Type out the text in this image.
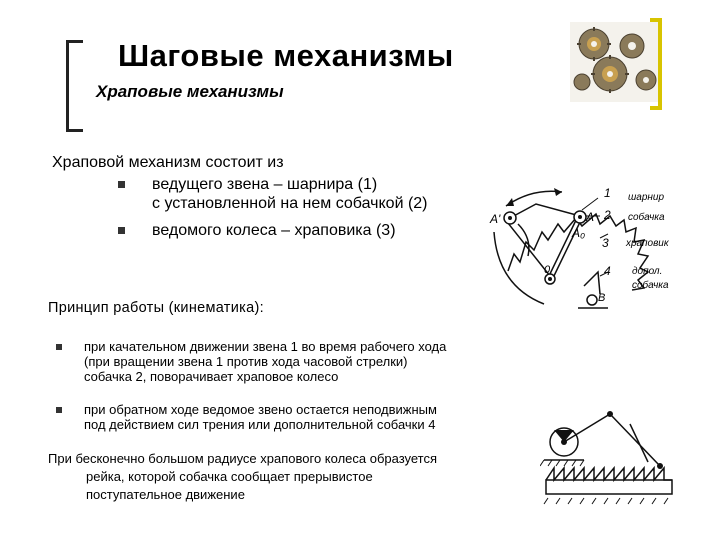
Шаговые механизмы
Храповые механизмы
Храповой механизм состоит из
ведущего звена – шарнира (1)
с установленной на нем собачкой (2)
ведомого колеса – храповика (3)
Принцип работы (кинематика):
при качательном движении звена 1 во время рабочего хода
(при вращении звена 1 против хода часовой стрелки)
собачка 2, поворачивает храповое колесо
при обратном ходе ведомое звено остается неподвижным
под действием сил трения или дополнительной собачки 4
При бесконечно большом радиусе храпового колеса образуется
рейка, которой собачка сообщает прерывистое
поступательное движение
1
2
3
4
A'	A
A₀
0
B
шарнир
собачка
храповик
допол.
собачка
